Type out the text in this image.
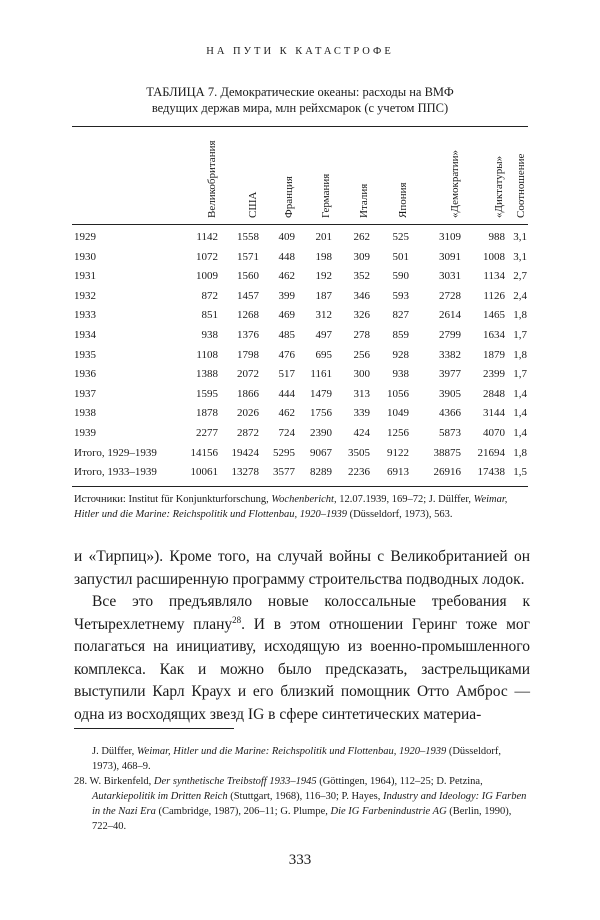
НА ПУТИ К КАТАСТРОФЕ
ТАБЛИЦА 7. Демократические океаны: расходы на ВМФ
ведущих держав мира, млн рейхсмарок (с учетом ППС)
Великобритания	США Франция Германия Италия Япония	«Демократии»	«Диктатуры» Соотношение
1929	1142	1558	409	201	262	525	3109	988 3,1
1930	1072	1571	448	198	309	501	3091	1008 3,1
1931	1009	1560	462	192	352	590	3031	1134 2,7
1932	872	1457	399	187	346	593	2728	1126 2,4
1933	851	1268	469	312	326	827	2614	1465 1,8
1934	938	1376	485	497	278	859	2799	1634 1,7
1935	1108	1798	476	695	256	928	3382	1879 1,8
1936	1388	2072	517	1161	300	938	3977	2399 1,7
1937	1595	1866	444	1479	313	1056	3905	2848 1,4
1938	1878	2026	462	1756	339	1049	4366	3144 1,4
1939	2277	2872	724	2390	424	1256	5873	4070 1,4
Итого, 1929–1939	14156	19424	5295	9067	3505	9122	38875	21694 1,8
Итого, 1933–1939	10061	13278	3577	8289	2236	6913	26916	17438 1,5
Источники: Institut für Konjunkturforschung, Wochenbericht, 12.07.1939, 169–72; J. Dülffer, Weimar, Hitler und die Marine: Reichspolitik und Flottenbau, 1920–1939 (Düsseldorf, 1973), 563.

и «Тирпиц»). Кроме того, на случай войны с Великобританией он запустил расширенную программу строительства подводных лодок.

Все это предъявляло новые колоссальные требования к Четырехлетнему плану$^{28}$. И в этом отношении Геринг тоже мог полагаться на инициативу, исходящую из военно-промышленного комплекса. Как и можно было предсказать, застрельщиками выступили Карл Краух и его близкий помощник Отто Амброс — одна из восходящих звезд IG в сфере синтетических материа-

J. Dülffer, Weimar, Hitler und die Marine: Reichspolitik und Flottenbau, 1920–1939 (Düsseldorf, 1973), 468–9.

28. W. Birkenfeld, Der synthetische Treibstoff 1933–1945 (Göttingen, 1964), 112–25; D. Petzina, Autarkiepolitik im Dritten Reich (Stuttgart, 1968), 116–30; P. Hayes, Industry and Ideology: IG Farben in the Nazi Era (Cambridge, 1987), 206–11; G. Plumpe, Die IG Farbenindustrie AG (Berlin, 1990), 722–40.

333
